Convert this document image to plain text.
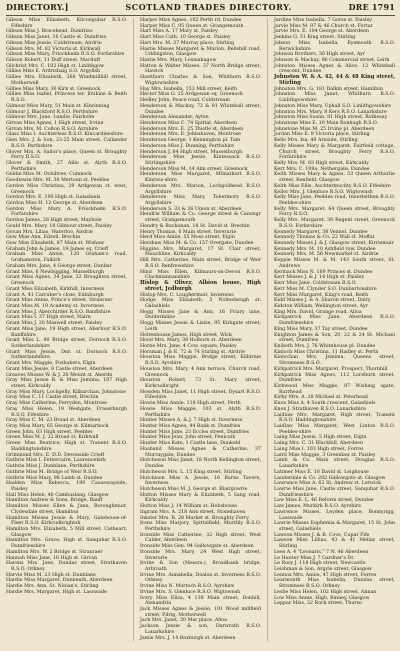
DIRECTORY.]	SCOTLAND TRADES DIRECTORY.	DRE 1791

Gibson Miss Elizabeth, Kilcongubar R.S.O. Fifeshire

Gibson Miss J. Bracehead, Dumfries

Gibson Miss Janet, 16 Castle st. Dumfries

Gibson Miss Jessie, Coldstream, Airdrie

Gibson Mrs. M. 82 Victoria st. Kirkwall

Gibson Miss Mary, Friockheim R.S.O. Forfarshire

Gibson Robert, 11 Duff street, Macduff

Gilchrist Mrs. C. 102 High st. Linlithgow

Gillies Miss E. Ardrishaig S.O. Argyllsh

Gillies Mrs. Elizabeth, 268 Windmillhill street, Motherwell

Gillies Miss Mary, 36 Kirk st. Greenock

Gillies Miss Isabel, Princess ter. Erskine & Beith R.S.O.

Gilmour Miss Mary, 51 Main st. Kilwinning

Gilmour J. Blackford R.S.O. Perthshire

Gilmour Mrs. Jane, Lundie, Fairholm

Girvan Miss Agnes, 1 High street, Irvine

Girvan Mrs. M. Colton R.S.O. Ayrshire

Glass Miss I. Auchterless R.S.O. Kincardineshire

Glen Mrs. J. & Son, 23-25 Main street, Callander R.S.O. Perthshire

Glover Mrs. A. Sailor's place, Queen st. Broughty Ferry R.S.O.

Glover & Smith, 27 Ailie st. Alyth R.S.O. Perthshire

Goldie Miss M. Ochiltree, Cumnock

Goodlewin Mrs. M. 30 Mertoun st. Peebles

Gordon Miss Christina, 29 Ardgowan st. west, Greenock

Gordon Mrs. E. 190 High st. Galashiels

Gordon Miss H. 12 George st. Aberdeen

Gordon Miss Mary A. Friockheim R.S.O. Forfarshire

Gordon James, 28 High street, Mayhole

Gould Mrs. Mary, 18 Gilmour street, Paisley

Govan Mrs. Lilias, Waterloo, Airdrie

Gow Miss Ann, Edzell, Brechin

Gow Miss Elizabeth, 87 Main st. Wishaw

Graham John & James, 19 James sq. Crieff

Graham Miss Annie, 120 Graham's road, Grahamston, Falkirk

Graham Mrs. Jane, 4 George street, Dunbar

Grant Miss, 6 Newbigging, Musselburgh

Grant Miss Agnes, 34 Jane, 22 Broughton street, Greenock

Grant Miss Elizabeth, Kirkhill, Inverness

Grant A. 41 Carruber's close, Edinburgh

Grant Miss Annie, Prince's street, Stranraer

Grant Miss M. 19 Academy st. Inverness

Grant Miss J. Aberchirder R.S.O. Banffshire

Grant Miss I. 37 High street, Nairn

Grant Miss J. 20 Maxwell street, Paisley

Grant Miss Jane, 19 High street, Aberlour R.S.O. Banffshire

Grant Miss L. 80 Bridge street, Dornoch R.S.O. Sutherlandshire

Grant Miss Jessie, Dnr. st. Dornoch R.S.O. Sutherlandshire

Grant Mrs. Maggie, Foshabers, Elgin

Grant Miss Jessie, 8 Castle street, Aberdeen

Greaves Misses W. & J. 26 Mount st. Aberdn

Gray Miss Jessie R. & Miss Jemima, 107 High street, Kirkcaldy

Gray Miss Mary, Lochgelly, Kilbarchan, Johnstone

Gray Miss C. 11 Castle street, Brechin

Gray Miss Catherine, Ferryden, Montrose

Gray Miss Helen, 19 Westgate, Fraserburgh R.S.O. Fifeshire

Gray Miss C. M. 23 Broad st. Aberdeen

Gray Miss Mary, 65 George st. Kilmarnock

Green John, 63 High street, Peebles

Green Miss M. J. 22 Broad st. Kirkwall

Green Miss Beatrice, High st. Tranent R.S.O. Haddingtonshire

Grimmond Mrs. E. D.D. Devonside Crieff

Guthrie Miss I. Fettercairn, Laurencekirk

Guthrie Miss J. Dunblane, Perthshire

Guthrie Miss M. Bridge of Weir R.S.O.

Guthrie Miss Mary, 98 Lamb st. Dundee

Hadden Miss Rebecca, 190 Causewayside, Paisley

Hall Miss Helen, 46 Cambuslang, Glasgow

Hamilton Andrew & Sons, Bridge, Banff

Hamilton Misses Ellen & Jane, Boroughmuir, Clydesdale street, Hamilton

Hamilton Misses Jessie & Mary, Gatehouse-of-Fleet R.S.O. Kirkcudbrightsh

Hamilton Mrs. Elizabeth, 5 Mill street, Catheart, Glasgow

Hamilton Mrs. Grace, High st. Sanquhar R.S.O. Dumfriesshire

Hamilton Mrs. W. 2 Bridge st. Stranraer

Hannah Miss Jane, 18 High st. Girvan

Harens Mrs. Jane, Dundas street, Strathaven R.S.O. Orkney

Harvie Miss M. 23 High st. Dunblane

Hardie Miss Margaret, Dunbeath, Aberdeen

Hardie Mrs. Ann, St. Ninian's, Stirling

Hardie Mrs. Margaret, High st. Lasswade

Harper Miss Agnes, 102 Perth rd. Dundee

Harper Miss C. 95 Queen st. Grangemouth

Hart Miss A. 17 Mary st. Paisley

Hart Miss Cath. 10 George st. Paisley

Hart Mrs. M. 37 Murray place, Stirling

Hastie Misses Margaret & Marion, Bellshill road, Uddingston, Glasgow

Hastie Mrs. Mary, Lesmahagow

Hatton & Walter Misses, 37 North Bridge street, Hawick

Hawthorn Charles & Son, Whithorn R.S.O. Wigtownshire

Hay Mrs. Isabella, 153 Mill street, Keith

Hector Miss G. 15 Ardgowan sq. Greenock

Hedley John, Peace road, Coldstream

Henderson & Mackay, 72 & 81 Whitehall street, Dundee

Henderson Alexander, Ayton

Henderson Miss C. 74 Spittal, Aberdeen

Henderson Mrs. E. 25 Thistle st. Aberdeen

Henderson Mrs. E. Johnshaven, Montrose

Henderson George, 1 Kennington pl. Tain

Henderson Miss J. Dunning, Perthshire

Henderson J. 84 High street, Musselburgh

Henderson Miss Jessie, Kintessack R.S.O. Stirlingshire

Henderson Miss M. 14 Alm street, Greenock

Henderson Miss Margaret, Milnathort R.S.O. Kinross-shire

Henderson Mrs. Marion, Lochgoilhead R.S.O. Argyllshire

Henderson Miss Mary, Tobermory R.S.O. Argyllshire

Henderson S. 33 & 36 Union st. Aberdeen

Hendrie William & Co. George street & Canongr street, Grangemouth

Hendry & Buchanan, 18 St. David st. Brechin

Henry Thomas, 6 Main street, Inverurie

Herd Miss Annie, 55 Moss street, Elgin

Hershaw Miss M. & Co. 157 Overgate, Dundee

Higgins Mrs. Margaret, 17 St. Clair street, Mauchline, Kirkcaldy

Hill Mrs. Catherine, Main street, Bridge of Weir R.S.O. Renfrewshire

Hind Miss Ellen, Kilmaurs-on-Devon R.S.O. Clackmannanshire

Hislop & Oliver, Albion house, High street, Jedburgh

Hislop Mrs. C. Loughermuir, Inverness

Hodge Miss Elizabeth, 5 Noltesheugh st. Galashiels

Hogg Misses Jane & Ann, 16 Friary lane, Dunfermline

Hogg Misses Jessie & Lizzie, 95 Kirkgate street, Leith

Holtenhouse James, High street, Wick

Hood Mrs. Mary, 38 Holburn st. Aberdeen

Horne Mrs. Jane, 4 Cow, square, Paisley

Horsman J. & E. 72 & 74 Stirling st. Airdrie

Houston Miss Maggie, Bridge street, Kilbirnie R.S.O. Ayrshire

Houston Mrs. Mary, 4 Ann terrace, Church road, Greenock

Houston Robert, 73 St. Mary street, Kirkcudbright

Howden Miss Janet, 11 High street, Dysart R.S.O. Fifeshire

Howie Miss Annie, 118 High street, Perth

Howie Miss Maggie, 103 st. Alyth R.S.O. Perthshire

Hunter Misses A. & J. 7 High st. Inverness

Hunter Miss Agnes, 44 Bank st. Dumfries

Hunter Miss Jane, 23 Eccles street, Dumfries

Hunter Miss Jean, John street, Penicuik

Hunter Miss Kate, 1 Castle lane, Dunkeld

Husband Misses Agnes & Catherine, 37 Murraygate, Dundee

Hutcheson Miss Janet, 18 North Kellington street, Dundee

Hutcheson Mrs. L. 15 King street, Stirling

Hutchison Miss A. Jessie, 16 Burns Tavern, Inverness

Hutcheson Miss M. J. George st. Blairgowrie

Hutton Misses Mary & Elizabeth, 5 Sang road, Kirkcaldy

Hutton Miss J. 14 William st. Hobsbouse

Ingram Mrs. A. 218 Ann street, Stonehaven

Inkster Mrs. R. 28 Market st. Broughty Ferry

Irons Miss Marjory, Spittalfield, Murthly R.S.O. Perthshire

Ironside Miss Catherine, 32 High street, West Calder, Aberdeen

Ironside Miss Gen. 94 Gallowgate st. Aberdeen

Ironside Mrs. Mary, 24 West High street, Inverurie

Irvine & Son (Messrs.), Broadbank bridge, Arbroath

Irvine Mrs. Annabella, Doaloa st. Inverness R.S.O. Orkney

Irvine Miss N. Murtoch R.S.O. Ayrshire

Irvine Mrs. S. Glenluce R.S.O. Wigtownsh

Ivory Miss Eliza, 4 138 Main street, Bonhill, Alexandria

Jack Misses Agnes & Jessie, 101 Wood millfield street, Pilrig, Motherwell

Jack Mrs. Janet, 30 Mar place, Alloa

Jackson Jessie & son, Darwrath R.S.O. Lanarkshire

Jamie Mrs. J. 14 Roxburgh st. Aberdeen

Jardine Miss Isabella, 7 Gorse st. Paisley

Jarvie Miss M. 97 & 46 Church st. Fortar

Jarvie Mrs. E. 104 George st. Aberdeen

Jenkins G. 51 King street, Stirling

Jobson Miss Isabella, Eyemouth R.S.O. Berwickshire

Johnson Brothers, 30 High street, Ayr

Johnson & Mackay, 96 Commercial street, Leith

Johnston Misses Agnes & Alice, 12 Whitehall crescent, Dundee

Johnston W. & A. 42, 44 & 48 King street, Stirling

Johnston Mrs. G. 181 Dalkin street, Hamilton

Johnston Miss Janet, Whitburn R.S.O. Linlithgowshire

Johnston Miss Mary, Uphall S.O. Linlithgowshire

Johnston Mrs. Mary, 8 Kers R.S.O. Lanarkshire

Johnston Miss Susan, 81 High street, Rothesay

Johnstone Miss E. 10 Main Bonhugh R.S.O.

Johnstone Miss M. 25 Irvine pl. Aberdeen

Jordan Miss E. 9 Victoria place, Stirling

Kello Mrs. Isa, 48 Arnside, Stirling

Kelly Misses Mary & Margaret, Fairfield cottage, Church street, Broughty Ferry R.S.O. Forfarshire

Kelly Mrs. M. 83 High street, Kirkcaldy

Kerr Mrs. C. 108a, Nethergate, Dundee

Keith Misses Mary & Agnes, 33 Queen Arthurlie street, Renfield, Glasgow

Keith Miss Ellis, Auchtermuchty R.S.O. Fifeshire

Keller Mrs. J. Glenluce R.S.O. Wigtownsh

Kelly Miss Jane, Peebles road, Innerleithen R.S.O. Peebles-shire

Kelly Mrs. Margaret, 64 Queen street, Broughty Ferry R.S.O.

Kelly Mrs. Margaret, 38 Regent street, Greenock R.S.O. Forfarshire

Kennedy Margaret, 38 Vennel, Dundee

Kennedy Thomas & Co. 22 Wall st. Moffat

Kennedy Misses J. & J. Glasgow street, Kirriemuir

Kennedy Mrs. M. 10 Ashfield row, Dundee

Kennedy Mrs. M. 56 Newmarket st. Airdrie

Keppie Misses M. & M. 143 South street, St. Andrews

Kermack Miss N. 189 Princes st. Dundee

Kerr Misses J. & J. 14 High st. Paisley

Kerr Miss Jane, Coldstream R.S.O.

Kerr Miss M. Clynder S.O. Dunbartonshire

Kerr Miss Margaret, King's road, Beith

Kidd Misses J. & A. Sharon street, Dalry

Kidston William, Wellington street, Ayr

King Mrs. David, Grange road, Alloa

Kirkpatrick Miss Jane, Aberdeen R.S.O. Dumfriesshire

King Miss Mary, 37 Tay street, Dundee

Knighton James & Son, 20, 22 & 24 St. Michael street, Dumfries

Knibeth Mrs. J. 76 Whitehouse pl. Dundee

Kinloch Miss Christina, 11 Hadley st. Perth

Kinlochan Mrs. Jemima, Queens street, Stromness R.S.O.

Kirkpatrick Mrs. Margaret, Prospect, Thornhill

Kirkpatrick Miss Agnes, 112 Loreburn street, Dumfries

Kirkwood Miss Maggie, 87 Wishing sgate, Barrhead

Kirby Mrs. A. 28 Michael st. Peterhead

Knox Miss A. 4 South crescent, Galashiels

Knox J. Strathaven R.S.O. Lanarkshire

Laidlaw Mrs. Margaret, High street, Tranent R.S.O. Haddingtonshire

Laidlaw Miss Margaret, West Linton R.S.O. Peebles-shire

Laing Miss Jessie, 5 High street, Elgin

Laing Mrs. C. 31 Blackhill, Aberdeen

Laing Miss I. 103 High street, Forres

Laird Miss Maggie, 3 Greenlaw st. Paisley

Lamb & Co. Main street, Douglas R.S.O. Lanarkshire

Latimer Miss E. 10 David st. Leighouse

Lauderdale & Co. 282 Gallowgate at. Glasgow

Lawrence Miss A. 62 St. Andrew st. Lerwick

Lawrie Miss Jane, Castle street, Sanquhar R.S.O. Dumfriesshire

Law Miss E. L. 46 Reform street, Dundee

Law James, Murkirk R.S.O. Ayrshire

Lawrence Misses, Leyden place, Bonnyrigg, Lasswade

Lawrie Misses Euphemia & Margaret, 15 St. John street, Galashiels

Lawson Misses J. & B. Cove, Cupar Fife

Lawson Miss Lillias, 43 & 41 Mellay street, Stirling

Lees A. 4 "Leonaris," 7 N. 46 Aberdeen

Le Hunter Miss J. 7 Gardner's Dr.

Le Rusy J. 118 High street, Newcastle

Leishman & Son, Argyle street, Glasgow

Lennox Mrs. Annie, 47 High street, Forres

Learmonth Miss Isabella, Dundas street, Stromness R.S.O. Orkney

Leslie Miss Helen, 102 High street, Annan

Low Miss Annie, High, Binney, Glasgow

Leppar Miss, 32 Rock street, Thurso
